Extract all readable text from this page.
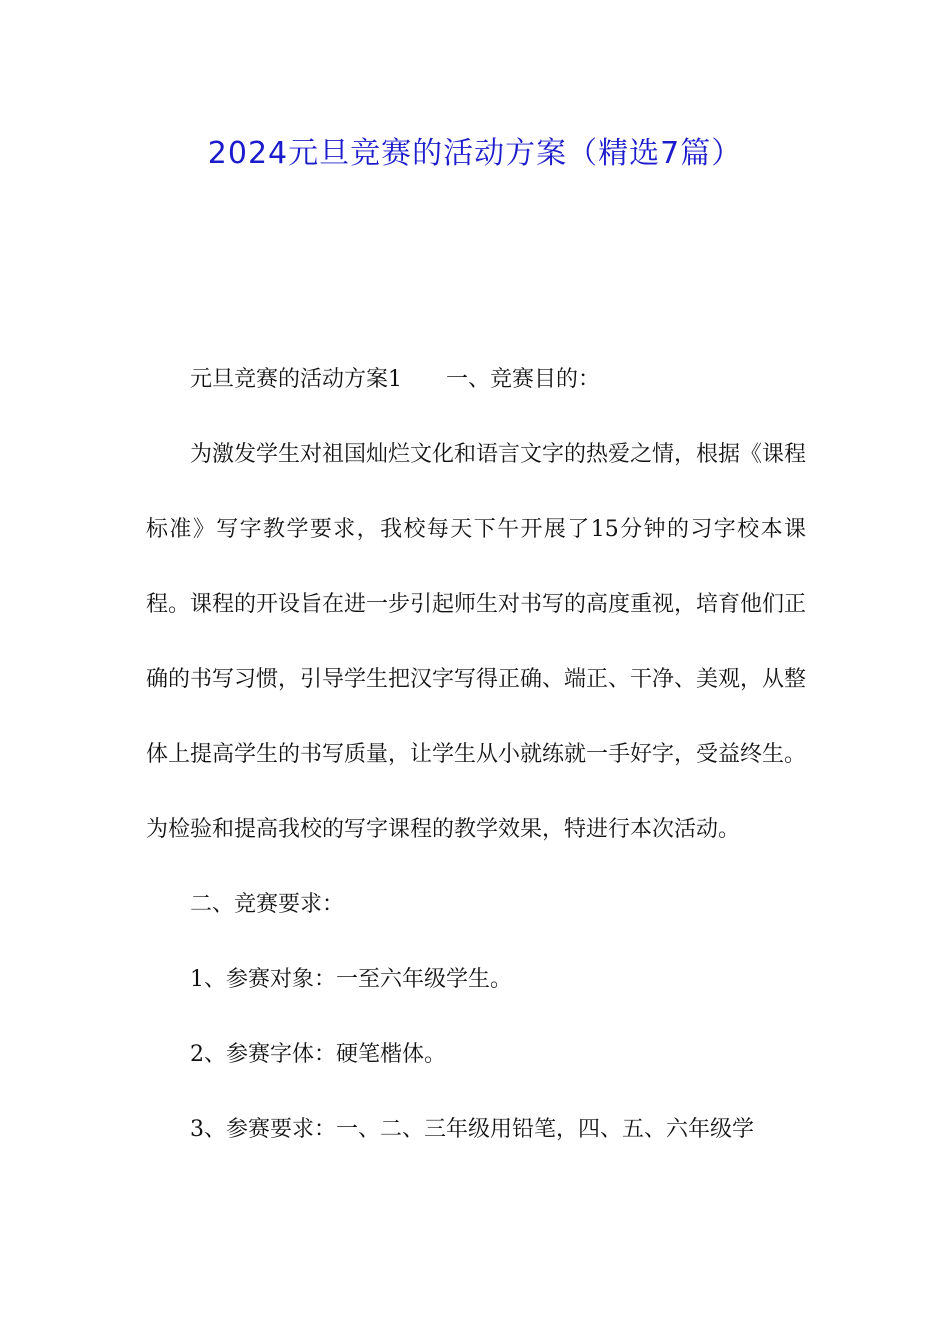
2024元旦竞赛的活动方案（精选7篇）

元旦竞赛的活动方案1 一、竞赛目的：

为激发学生对祖国灿烂文化和语言文字的热爱之情，根据《课程标准》写字教学要求，我校每天下午开展了15分钟的习字校本课程。课程的开设旨在进一步引起师生对书写的高度重视，培育他们正确的书写习惯，引导学生把汉字写得正确、端正、干净、美观，从整体上提高学生的书写质量，让学生从小就练就一手好字，受益终生。为检验和提高我校的写字课程的教学效果，特进行本次活动。

二、竞赛要求：

1、参赛对象：一至六年级学生。

2、参赛字体：硬笔楷体。

3、参赛要求：一、二、三年级用铅笔，四、五、六年级学
